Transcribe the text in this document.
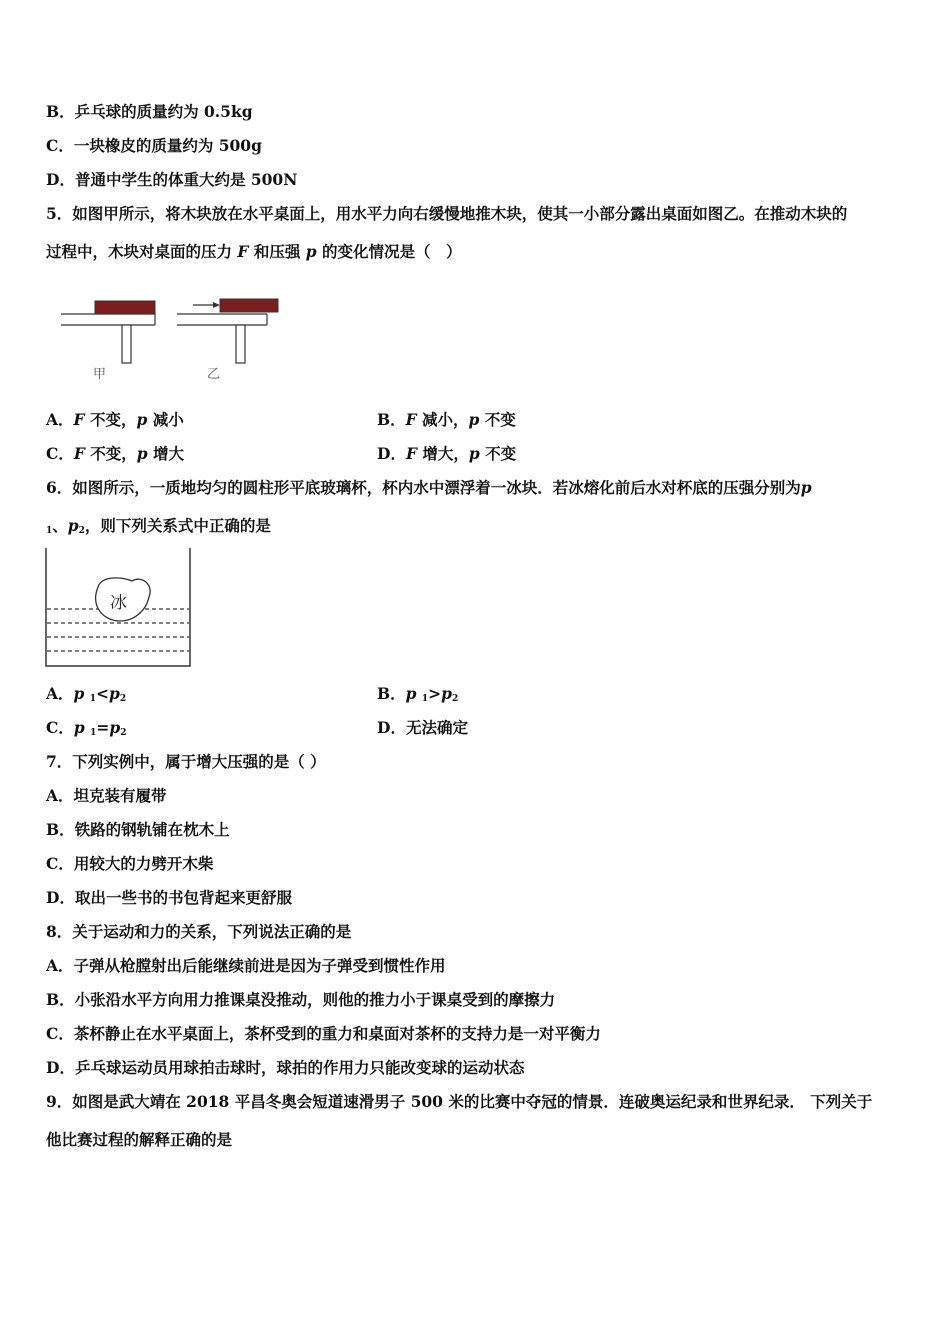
B．乒乓球的质量约为 0.5kg
C．一块橡皮的质量约为 500g
D．普通中学生的体重大约是 500N
5．如图甲所示，将木块放在水平桌面上，用水平力向右缓慢地推木块，使其一小部分露出桌面如图乙。在推动木块的
过程中，木块对桌面的压力 F 和压强 p 的变化情况是（　）
甲	乙
A．F 不变，p 减小	B．F 减小，p 不变
C．F 不变，p 增大	D．F 增大，p 不变
6．如图所示，一质地均匀的圆柱形平底玻璃杯，杯内水中漂浮着一冰块．若冰熔化前后水对杯底的压强分别为p
$_1$、$p_2$，则下列关系式中正确的是
冰
A．p $_1<p_2$	B．p $_1>p_2$
C．p $_1=p_2$	D．无法确定
7．下列实例中，属于增大压强的是（ ）
A．坦克装有履带
B．铁路的钢轨铺在枕木上
C．用较大的力劈开木柴
D．取出一些书的书包背起来更舒服
8．关于运动和力的关系，下列说法正确的是
A．子弹从枪膛射出后能继续前进是因为子弹受到惯性作用
B．小张沿水平方向用力推课桌没推动，则他的推力小于课桌受到的摩擦力
C．茶杯静止在水平桌面上，茶杯受到的重力和桌面对茶杯的支持力是一对平衡力
D．乒乓球运动员用球拍击球时，球拍的作用力只能改变球的运动状态
9．如图是武大靖在 2018 平昌冬奥会短道速滑男子 500 米的比赛中夺冠的情景．连破奥运纪录和世界纪录． 下列关于
他比赛过程的解释正确的是
